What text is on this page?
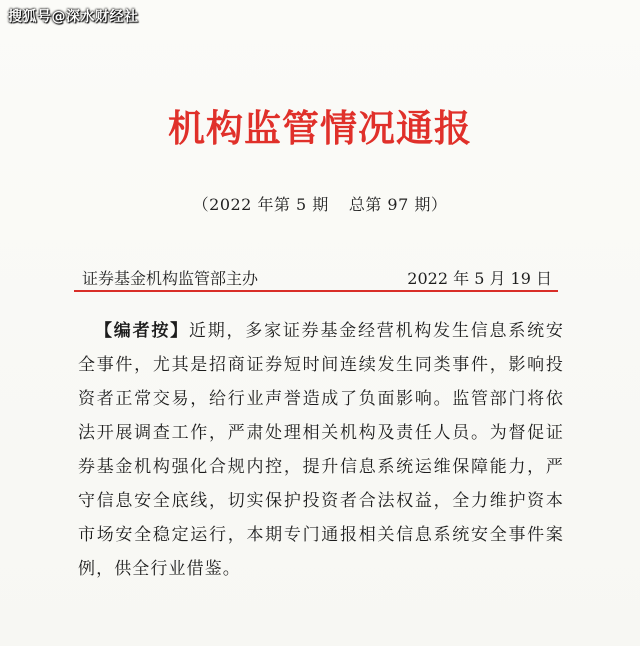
搜狐号@深水财经社
机构监管情况通报
（2022 年第 5 期 总第 97 期）
证券基金机构监管部主办	2022 年 5 月 19 日
【编者按】近期，多家证券基金经营机构发生信息系统安全事件，尤其是招商证券短时间连续发生同类事件，影响投资者正常交易，给行业声誉造成了负面影响。监管部门将依法开展调查工作，严肃处理相关机构及责任人员。为督促证券基金机构强化合规内控，提升信息系统运维保障能力，严守信息安全底线，切实保护投资者合法权益，全力维护资本市场安全稳定运行，本期专门通报相关信息系统安全事件案例，供全行业借鉴。
